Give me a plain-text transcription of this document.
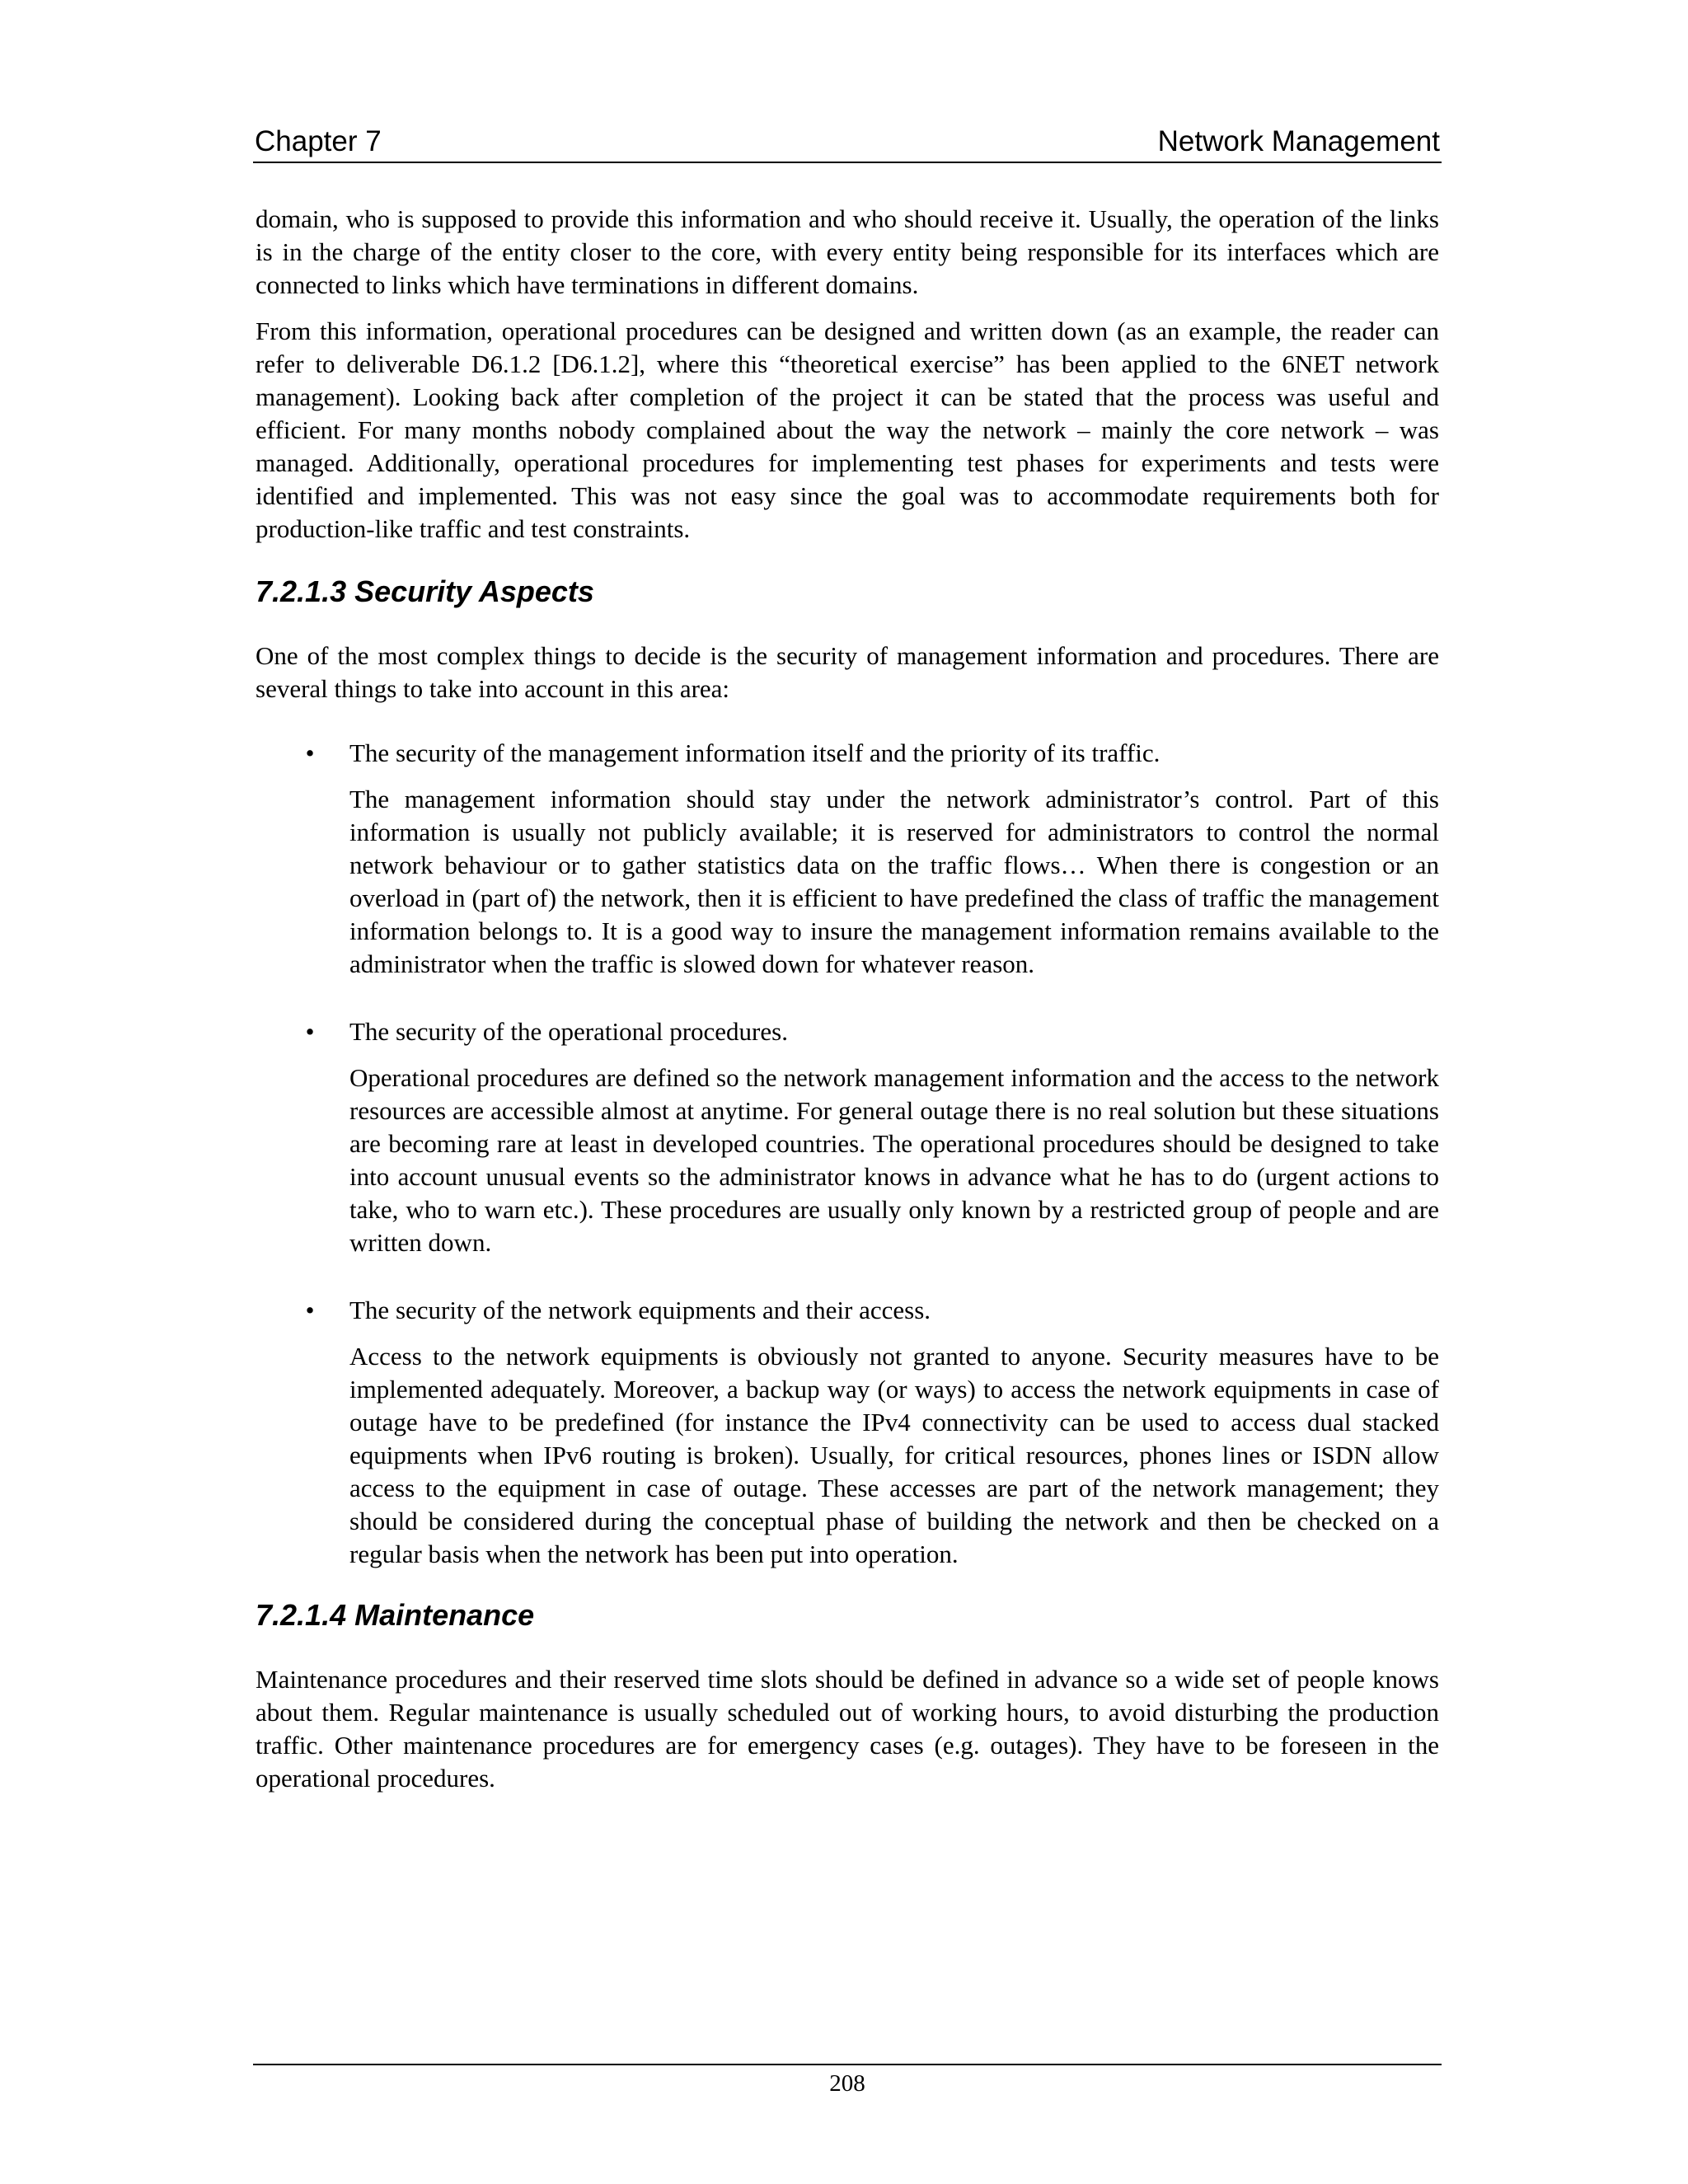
Chapter 7	Network Management

domain, who is supposed to provide this information and who should receive it. Usually, the operation of the links is in the charge of the entity closer to the core, with every entity being responsible for its interfaces which are connected to links which have terminations in different domains.

From this information, operational procedures can be designed and written down (as an example, the reader can refer to deliverable D6.1.2 [D6.1.2], where this “theoretical exercise” has been applied to the 6NET network management). Looking back after completion of the project it can be stated that the process was useful and efficient. For many months nobody complained about the way the network – mainly the core network – was managed. Additionally, operational procedures for implementing test phases for experiments and tests were identified and implemented. This was not easy since the goal was to accommodate requirements both for production-like traffic and test constraints.

7.2.1.3 Security Aspects

One of the most complex things to decide is the security of management information and procedures. There are several things to take into account in this area:

• The security of the management information itself and the priority of its traffic.

The management information should stay under the network administrator’s control. Part of this information is usually not publicly available; it is reserved for administrators to control the normal network behaviour or to gather statistics data on the traffic flows… When there is congestion or an overload in (part of) the network, then it is efficient to have predefined the class of traffic the management information belongs to. It is a good way to insure the management information remains available to the administrator when the traffic is slowed down for whatever reason.

• The security of the operational procedures.

Operational procedures are defined so the network management information and the access to the network resources are accessible almost at anytime. For general outage there is no real solution but these situations are becoming rare at least in developed countries. The operational procedures should be designed to take into account unusual events so the administrator knows in advance what he has to do (urgent actions to take, who to warn etc.). These procedures are usually only known by a restricted group of people and are written down.

• The security of the network equipments and their access.

Access to the network equipments is obviously not granted to anyone. Security measures have to be implemented adequately. Moreover, a backup way (or ways) to access the network equipments in case of outage have to be predefined (for instance the IPv4 connectivity can be used to access dual stacked equipments when IPv6 routing is broken). Usually, for critical resources, phones lines or ISDN allow access to the equipment in case of outage. These accesses are part of the network management; they should be considered during the conceptual phase of building the network and then be checked on a regular basis when the network has been put into operation.

7.2.1.4 Maintenance

Maintenance procedures and their reserved time slots should be defined in advance so a wide set of people knows about them. Regular maintenance is usually scheduled out of working hours, to avoid disturbing the production traffic. Other maintenance procedures are for emergency cases (e.g. outages). They have to be foreseen in the operational procedures.

208
